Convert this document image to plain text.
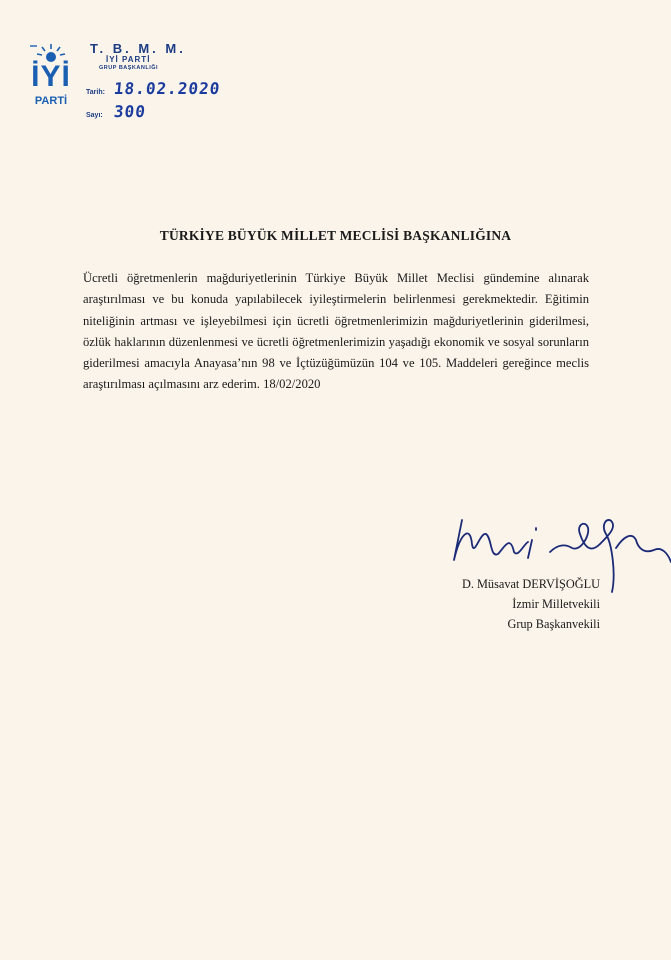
İYİ
PARTİ
T. B. M. M.
İYİ PARTİ
GRUP BAŞKANLIĞI
Tarih: 18.02.2020
Sayı: 300
TÜRKİYE BÜYÜK MİLLET MECLİSİ BAŞKANLIĞINA
Ücretli öğretmenlerin mağduriyetlerinin Türkiye Büyük Millet Meclisi gündemine alınarak araştırılması ve bu konuda yapılabilecek iyileştirmelerin belirlenmesi gerekmektedir. Eğitimin niteliğinin artması ve işleyebilmesi için ücretli öğretmenlerimizin mağduriyetlerinin giderilmesi, özlük haklarının düzenlenmesi ve ücretli öğretmenlerimizin yaşadığı ekonomik ve sosyal sorunların giderilmesi amacıyla Anayasa’nın 98 ve İçtüzüğümüzün 104 ve 105. Maddeleri gereğince meclis araştırılması açılmasını arz ederim. 18/02/2020
D. Müsavat DERVİŞOĞLU
İzmir Milletvekili
Grup Başkanvekili
